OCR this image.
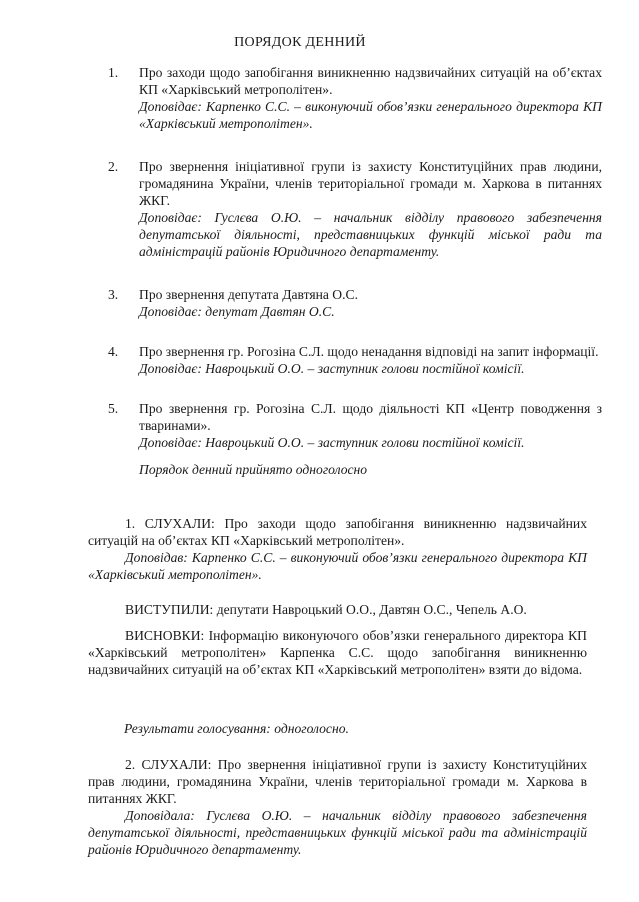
ПОРЯДОК ДЕННИЙ
1. Про заходи щодо запобігання виникненню надзвичайних ситуацій на об’єктах КП «Харківський метрополітен».

Доповідає: Карпенко С.С. – виконуючий обов’язки генерального директора КП «Харківський метрополітен».

2. Про звернення ініціативної групи із захисту Конституційних прав людини, громадянина України, членів територіальної громади м. Харкова в питаннях ЖКГ.

Доповідає: Гуслєва О.Ю. – начальник відділу правового забезпечення депутатської діяльності, представницьких функцій міської ради та адміністрацій районів Юридичного департаменту.

3. Про звернення депутата Давтяна О.С.

Доповідає: депутат Давтян О.С.

4. Про звернення гр. Рогозіна С.Л. щодо ненадання відповіді на запит інформації.

Доповідає: Навроцький О.О. – заступник голови постійної комісії.

5. Про звернення гр. Рогозіна С.Л. щодо діяльності КП «Центр поводження з тваринами».

Доповідає: Навроцький О.О. – заступник голови постійної комісії.

Порядок денний прийнято одноголосно

1. СЛУХАЛИ: Про заходи щодо запобігання виникненню надзвичайних ситуацій на об’єктах КП «Харківський метрополітен».

Доповідав: Карпенко С.С. – виконуючий обов’язки генерального директора КП «Харківський метрополітен».

ВИСТУПИЛИ: депутати Навроцький О.О., Давтян О.С., Чепель А.О.

ВИСНОВКИ: Інформацію виконуючого обов’язки генерального директора КП «Харківський метрополітен» Карпенка С.С. щодо запобігання виникненню надзвичайних ситуацій на об’єктах КП «Харківський метрополітен» взяти до відома.

Результати голосування: одноголосно.

2. СЛУХАЛИ: Про звернення ініціативної групи із захисту Конституційних прав людини, громадянина України, членів територіальної громади м. Харкова в питаннях ЖКГ.

Доповідала: Гуслєва О.Ю. – начальник відділу правового забезпечення депутатської діяльності, представницьких функцій міської ради та адміністрацій районів Юридичного департаменту.
